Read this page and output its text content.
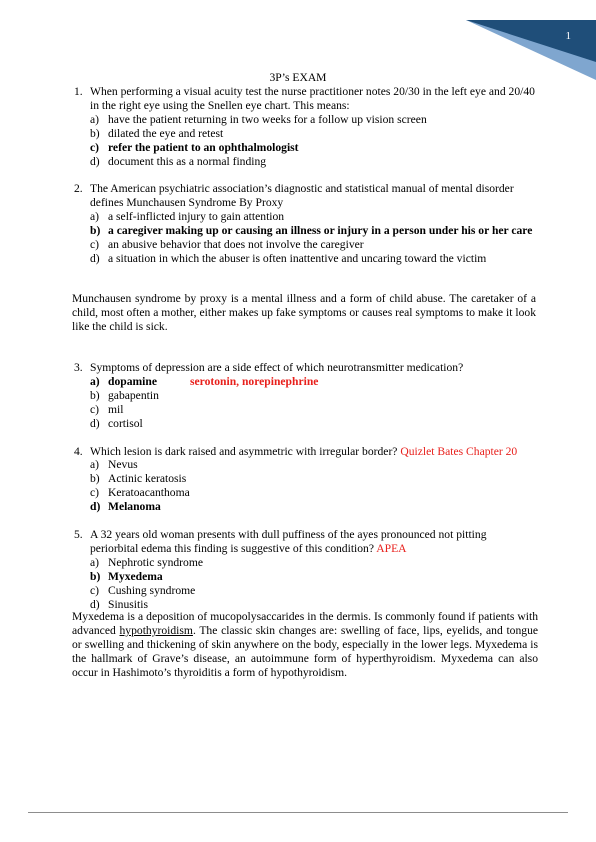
1
3P’s EXAM
1. When performing a visual acuity test the nurse practitioner notes 20/30 in the left eye and 20/40 in the right eye using the Snellen eye chart. This means:
a) have the patient returning in two weeks for a follow up vision screen
b) dilated the eye and retest
c) refer the patient to an ophthalmologist
d) document this as a normal finding
2. The American psychiatric association’s diagnostic and statistical manual of mental disorder defines Munchausen Syndrome By Proxy
a) a self-inflicted injury to gain attention
b) a caregiver making up or causing an illness or injury in a person under his or her care
c) an abusive behavior that does not involve the caregiver
d) a situation in which the abuser is often inattentive and uncaring toward the victim
Munchausen syndrome by proxy is a mental illness and a form of child abuse. The caretaker of a child, most often a mother, either makes up fake symptoms or causes real symptoms to make it look like the child is sick.
3. Symptoms of depression are a side effect of which neurotransmitter medication?
a) dopamine	serotonin, norepinephrine
b) gabapentin
c) mil
d) cortisol
4. Which lesion is dark raised and asymmetric with irregular border? Quizlet Bates Chapter 20
a) Nevus
b) Actinic keratosis
c) Keratoacanthoma
d) Melanoma
5. A 32 years old woman presents with dull puffiness of the ayes pronounced not pitting periorbital edema this finding is suggestive of this condition? APEA
a) Nephrotic syndrome
b) Myxedema
c) Cushing syndrome
d) Sinusitis
Myxedema is a deposition of mucopolysaccarides in the dermis. Is commonly found if patients with advanced hypothyroidism. The classic skin changes are: swelling of face, lips, eyelids, and tongue or swelling and thickening of skin anywhere on the body, especially in the lower legs. Myxedema is the hallmark of Grave’s disease, an autoimmune form of hyperthyroidism. Myxedema can also occur in Hashimoto’s thyroiditis a form of hypothyroidism.
